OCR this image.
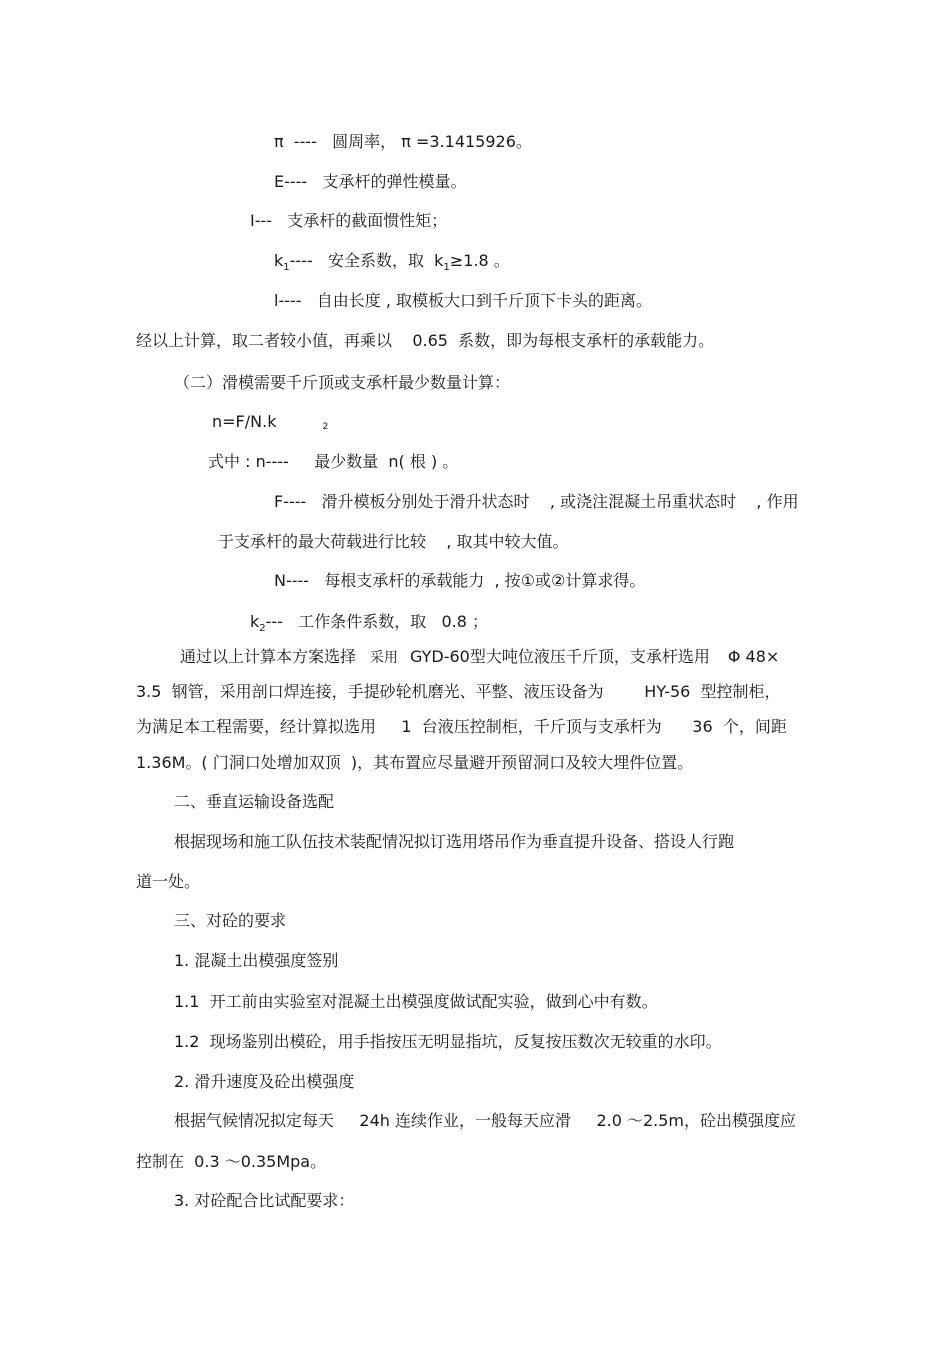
π  ----   圆周率， π =3.1415926。
E----   支承杆的弹性模量。
I---   支承杆的截面惯性矩；
$k_1----$   安全系数，取  $k_1\ge 1.8$ 。
l----   自由长度 , 取模板大口到千斤顶下卡头的距离。
经以上计算，取二者较小值，再乘以    0.65  系数，即为每根支承杆的承载能力。
（二）滑模需要千斤顶或支承杆最少数量计算：
n=F/N.k	2
式中 : n----     最少数量  n( 根 ) 。
F----   滑升模板分别处于滑升状态时    , 或浇注混凝土吊重状态时    , 作用
于支承杆的最大荷载进行比较    , 取其中较大值。
N----   每根支承杆的承载能力  , 按①或②计算求得。
$k_2---$   工作条件系数，取   0.8 ；
通过以上计算本方案选择 采用 GYD-60型大吨位液压千斤顶，支承杆选用 Φ 48×
3.5  钢管，采用剖口焊连接，手提砂轮机磨光、平整、液压设备为        HY-56  型控制柜，
为满足本工程需要，经计算拟选用     1  台液压控制柜，千斤顶与支承杆为      36  个，间距
1.36M。( 门洞口处增加双顶  )，其布置应尽量避开预留洞口及较大埋件位置。
二、垂直运输设备选配
根据现场和施工队伍技术装配情况拟订选用塔吊作为垂直提升设备、搭设人行跑
道一处。
三、对砼的要求
1. 混凝土出模强度签别
1.1  开工前由实验室对混凝土出模强度做试配实验，做到心中有数。
1.2  现场鉴别出模砼，用手指按压无明显指坑，反复按压数次无较重的水印。
2. 滑升速度及砼出模强度
根据气候情况拟定每天     24h 连续作业，一般每天应滑     2.0 ～2.5m，砼出模强度应
控制在  0.3 ～0.35Mpa。
3. 对砼配合比试配要求：
